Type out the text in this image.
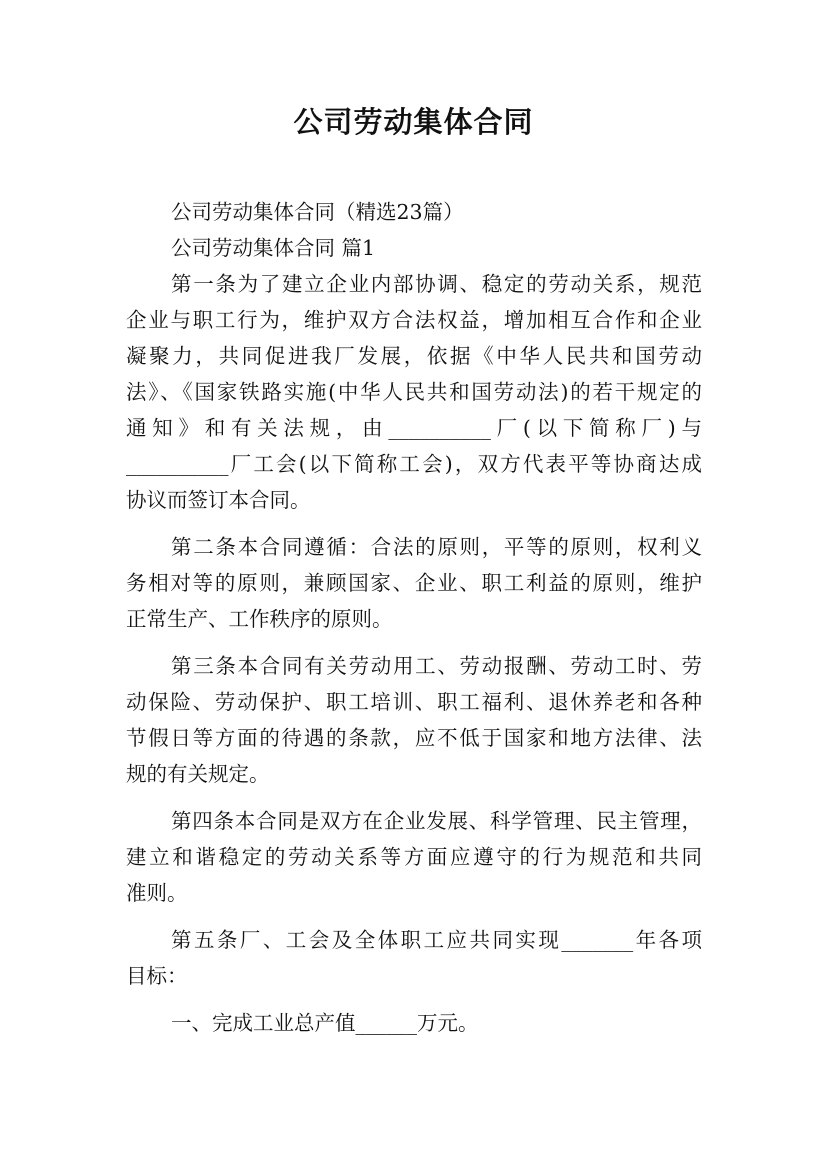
公司劳动集体合同
公司劳动集体合同（精选23篇）
公司劳动集体合同 篇1
第一条为了建立企业内部协调、稳定的劳动关系，规范
企业与职工行为，维护双方合法权益，增加相互合作和企业
凝聚力，共同促进我厂发展，依据《中华人民共和国劳动
法》、《国家铁路实施(中华人民共和国劳动法)的若干规定的
通知》和有关法规，由__________厂(以下简称厂)与
__________厂工会(以下简称工会)，双方代表平等协商达成
协议而签订本合同。
第二条本合同遵循：合法的原则，平等的原则，权利义
务相对等的原则，兼顾国家、企业、职工利益的原则，维护
正常生产、工作秩序的原则。
第三条本合同有关劳动用工、劳动报酬、劳动工时、劳
动保险、劳动保护、职工培训、职工福利、退休养老和各种
节假日等方面的待遇的条款，应不低于国家和地方法律、法
规的有关规定。
第四条本合同是双方在企业发展、科学管理、民主管理，
建立和谐稳定的劳动关系等方面应遵守的行为规范和共同
准则。
第五条厂、工会及全体职工应共同实现_______年各项
目标：
一、完成工业总产值______万元。
